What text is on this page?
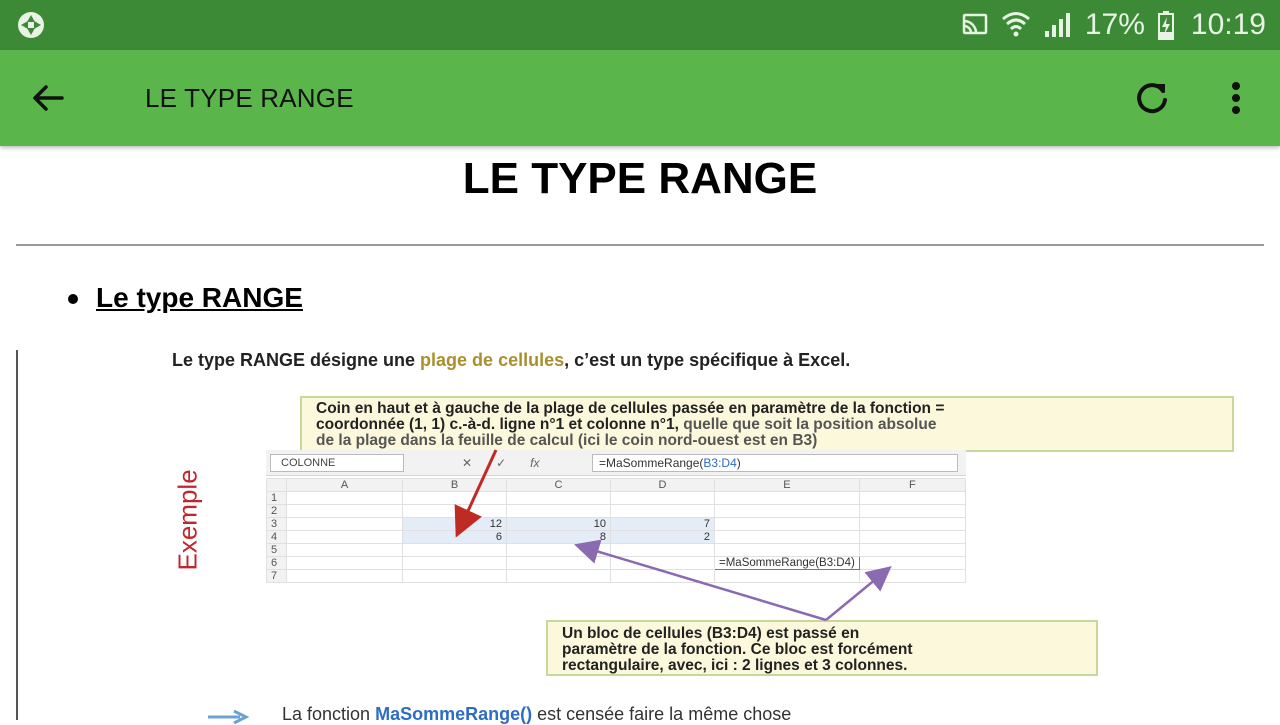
17% 10:19
LE TYPE RANGE
LE TYPE RANGE
Le type RANGE
Le type RANGE désigne une plage de cellules, c’est un type spécifique à Excel.
Coin en haut et à gauche de la plage de cellules passée en paramètre de la fonction =
coordonnée (1, 1) c.-à-d. ligne n°1 et colonne n°1, quelle que soit la position absolue
de la plage dans la feuille de calcul (ici le coin nord-ouest est en B3)
Exemple
COLONNE	✕ ✓ fx	=MaSommeRange(B3:D4)
	A	B	C	D	E	F
1						
2						
3		12	10	7		
4		6	8	2		
5						
6					=MaSommeRange(B3:D4)	
7						
Un bloc de cellules (B3:D4) est passé en
paramètre de la fonction. Ce bloc est forcément
rectangulaire, avec, ici : 2 lignes et 3 colonnes.
La fonction MaSommeRange() est censée faire la même chose
